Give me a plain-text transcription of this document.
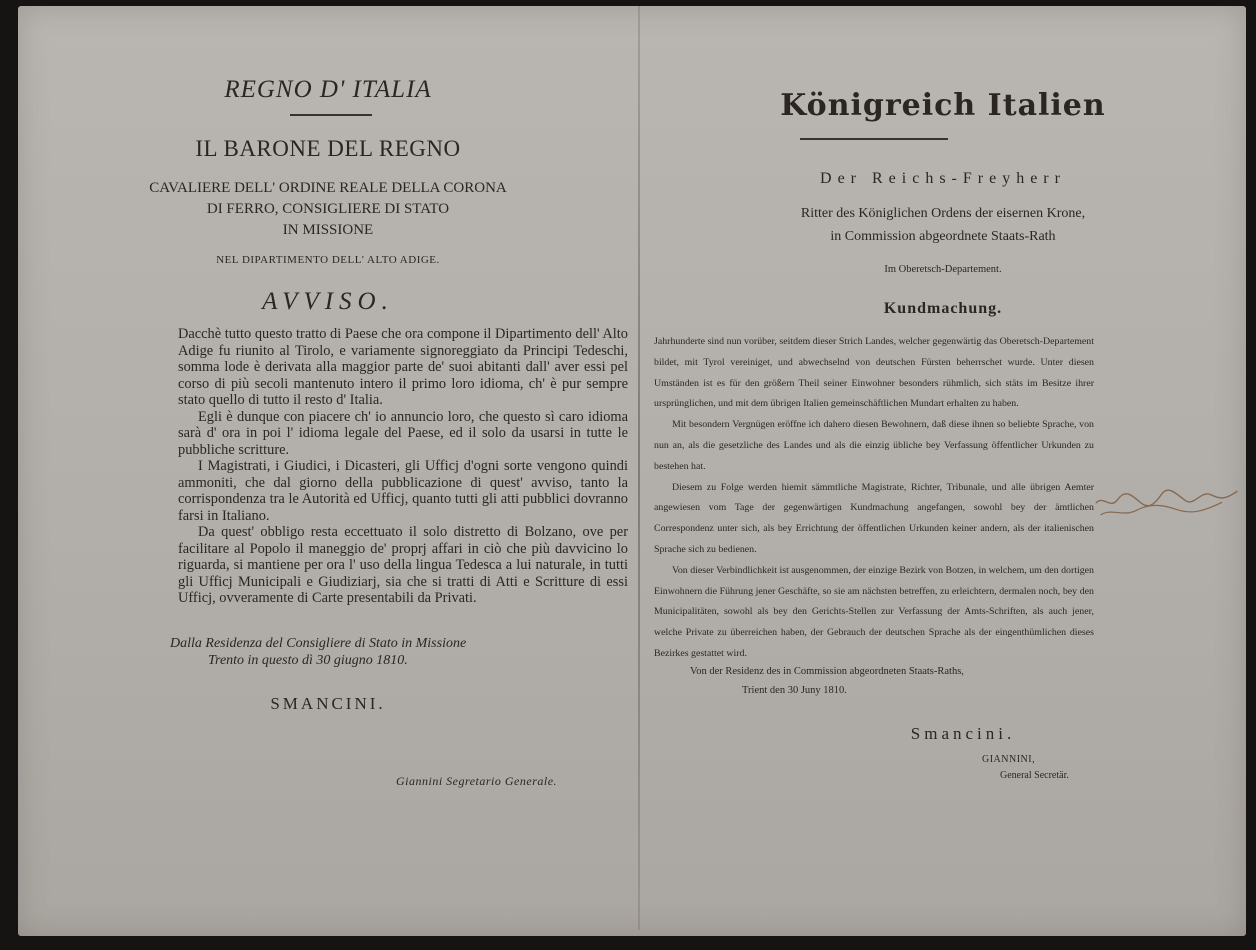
REGNO D' ITALIA
IL BARONE DEL REGNO
CAVALIERE DELL' ORDINE REALE DELLA CORONA
DI FERRO, CONSIGLIERE DI STATO
IN MISSIONE
NEL DIPARTIMENTO DELL' ALTO ADIGE.
AVVISO.

Dacchè tutto questo tratto di Paese che ora compone il Dipartimento dell' Alto Adige fu riunito al Tirolo, e variamente signoreggiato da Principi Tedeschi, somma lode è derivata alla maggior parte de' suoi abitanti dall' aver essi pel corso di più secoli mantenuto intero il primo loro idioma, ch' è pur sempre stato quello di tutto il resto d' Italia.

Egli è dunque con piacere ch' io annuncio loro, che questo sì caro idioma sarà d' ora in poi l' idioma legale del Paese, ed il solo da usarsi in tutte le pubbliche scritture.

I Magistrati, i Giudici, i Dicasteri, gli Ufficj d'ogni sorte vengono quindi ammoniti, che dal giorno della pubblicazione di quest' avviso, tanto la corrispondenza tra le Autorità ed Ufficj, quanto tutti gli atti pubblici dovranno farsi in Italiano.

Da quest' obbligo resta eccettuato il solo distretto di Bolzano, ove per facilitare al Popolo il maneggio de' proprj affari in ciò che più davvicino lo riguarda, si mantiene per ora l' uso della lingua Tedesca a lui naturale, in tutti gli Ufficj Municipali e Giudiziarj, sia che si tratti di Atti e Scritture di essi Ufficj, ovveramente di Carte presentabili da Privati.

Dalla Residenza del Consigliere di Stato in Missione
Trento in questo dì 30 giugno 1810.
SMANCINI.
Giannini Segretario Generale.
Königreich Italien
Der Reichs-Freyherr
Ritter des Königlichen Ordens der eisernen Krone,
in Commission abgeordnete Staats-Rath
Im Oberetsch-Departement.
Kundmachung.

Jahrhunderte sind nun vorüber, seitdem dieser Strich Landes, welcher gegenwärtig das Oberetsch-Departement bildet, mit Tyrol vereiniget, und abwechselnd von deutschen Fürsten beherrschet wurde. Unter diesen Umständen ist es für den größern Theil seiner Einwohner besonders rühmlich, sich stäts im Besitze ihrer ursprünglichen, und mit dem übrigen Italien gemeinschäftlichen Mundart erhalten zu haben.

Mit besondern Vergnügen eröffne ich dahero diesen Bewohnern, daß diese ihnen so beliebte Sprache, von nun an, als die gesetzliche des Landes und als die einzig übliche bey Verfassung öffentlicher Urkunden zu bestehen hat.

Diesem zu Folge werden hiemit sämmtliche Magistrate, Richter, Tribunale, und alle übrigen Aemter angewiesen vom Tage der gegenwärtigen Kundmachung angefangen, sowohl bey der ämtlichen Correspondenz unter sich, als bey Errichtung der öffentlichen Urkunden keiner andern, als der italienischen Sprache sich zu bedienen.

Von dieser Verbindlichkeit ist ausgenommen, der einzige Bezirk von Botzen, in welchem, um den dortigen Einwohnern die Führung jener Geschäfte, so sie am nächsten betreffen, zu erleichtern, dermalen noch, bey den Municipalitäten, sowohl als bey den Gerichts-Stellen zur Verfassung der Amts-Schriften, als auch jener, welche Private zu überreichen haben, der Gebrauch der deutschen Sprache als der eingenthümlichen dieses Bezirkes gestattet wird.

Von der Residenz des in Commission abgeordneten Staats-Raths,
Trient den 30 Juny 1810.
Smancini.
GIANNINI,
General Secretär.
